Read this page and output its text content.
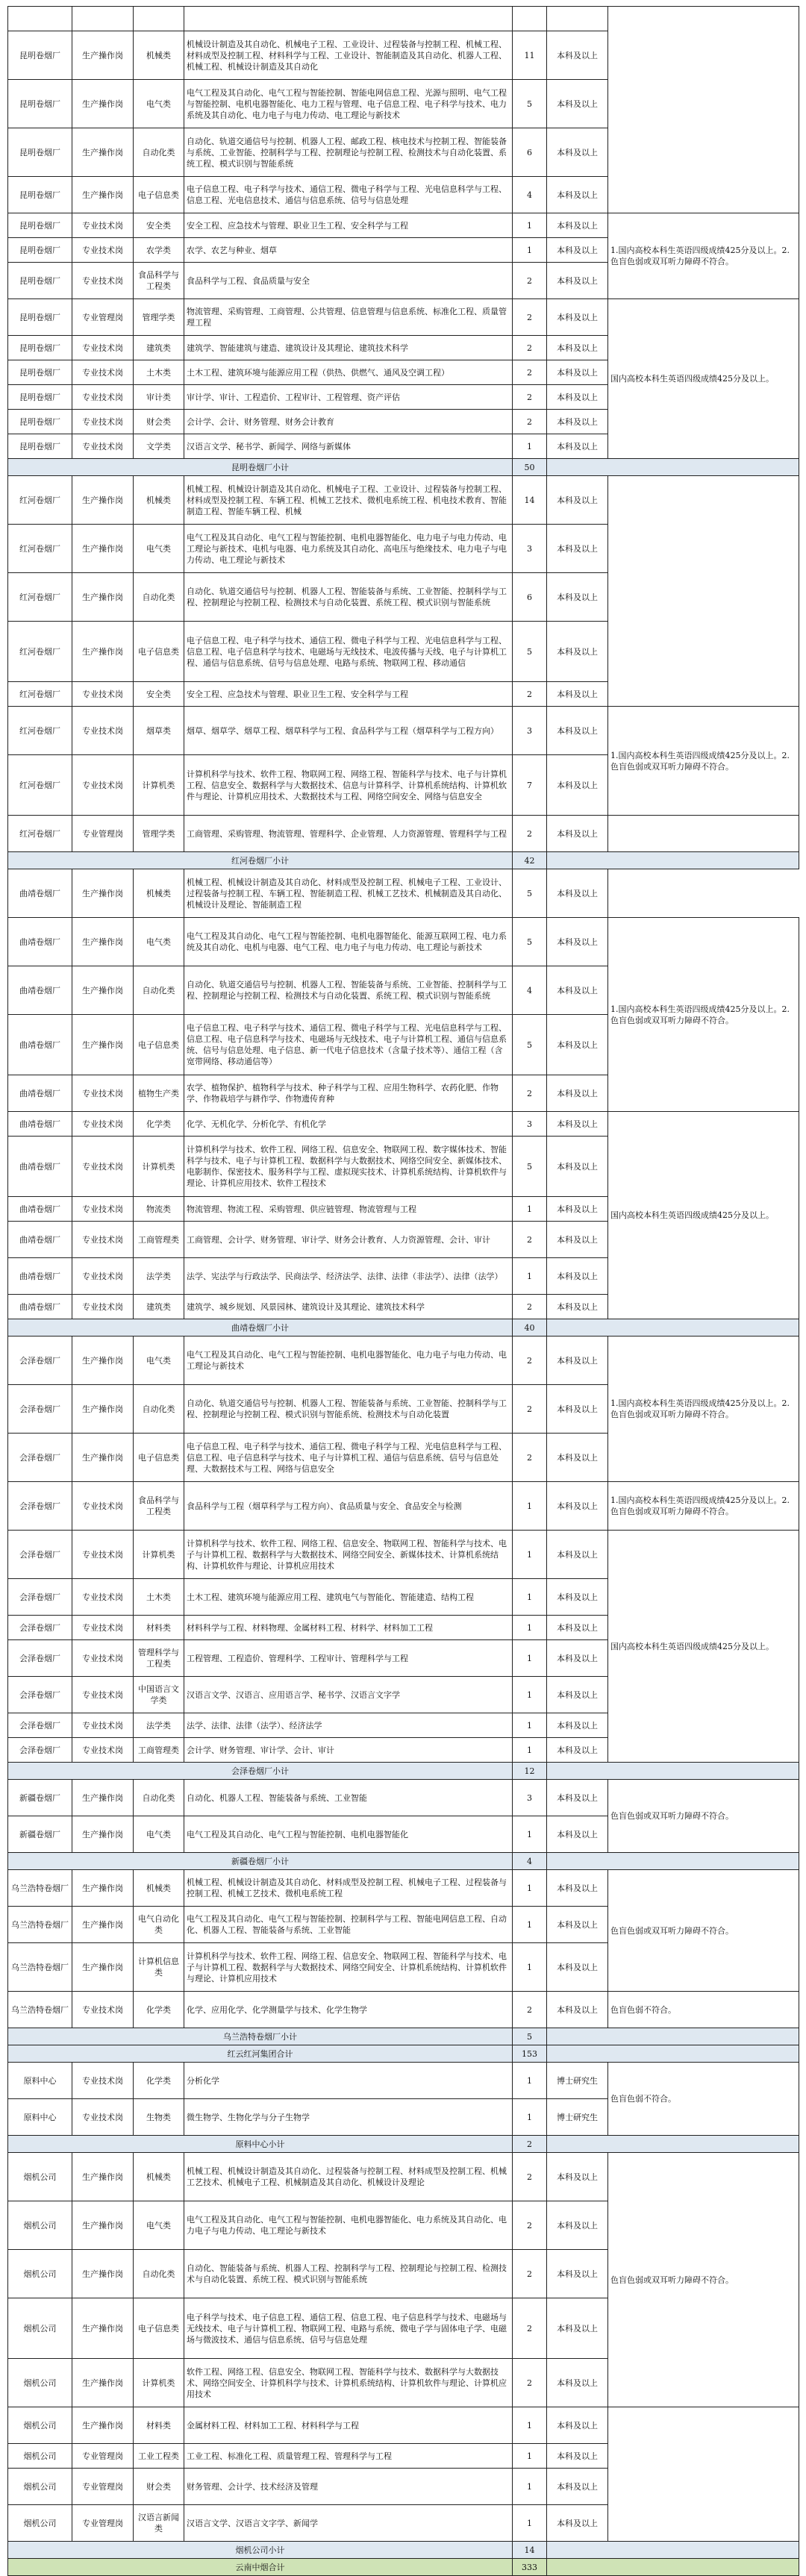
昆明卷烟厂	生产操作岗	机械类	机械设计制造及其自动化、机械电子工程、工业设计、过程装备与控制工程、机械工程、材料成型及控制工程、材料科学与工程、工业设计、智能制造及其自动化、机器人工程、机械工程、机械设计制造及其自动化	11	本科及以上	
昆明卷烟厂	生产操作岗	电气类	电气工程及其自动化、电气工程与智能控制、智能电网信息工程、光源与照明、电气工程与智能控制、电机电器智能化、电力工程与管理、电子信息工程、电子科学与技术、电力系统及其自动化、电力电子与电力传动、电工理论与新技术	5	本科及以上	
昆明卷烟厂	生产操作岗	自动化类	自动化、轨道交通信号与控制、机器人工程、邮政工程、核电技术与控制工程、智能装备与系统、工业智能、控制科学与工程、控制理论与控制工程、检测技术与自动化装置、系统工程、模式识别与智能系统	6	本科及以上	
昆明卷烟厂	生产操作岗	电子信息类	电子信息工程、电子科学与技术、通信工程、微电子科学与工程、光电信息科学与工程、信息工程、光电信息技术、通信与信息系统、信号与信息处理	4	本科及以上	
昆明卷烟厂	专业技术岗	安全类	安全工程、应急技术与管理、职业卫生工程、安全科学与工程	1	本科及以上	1.国内高校本科生英语四级成绩425分及以上。2.色盲色弱或双耳听力障碍不符合。
昆明卷烟厂	专业技术岗	农学类	农学、农艺与种业、烟草	1	本科及以上	
昆明卷烟厂	专业技术岗	食品科学与工程类	食品科学与工程、食品质量与安全	2	本科及以上	
昆明卷烟厂	专业管理岗	管理学类	物流管理、采购管理、工商管理、公共管理、信息管理与信息系统、标准化工程、质量管理工程	2	本科及以上	国内高校本科生英语四级成绩425分及以上。
昆明卷烟厂	专业技术岗	建筑类	建筑学、智能建筑与建造、建筑设计及其理论、建筑技术科学	2	本科及以上	
昆明卷烟厂	专业技术岗	土木类	土木工程、建筑环境与能源应用工程（供热、供燃气、通风及空调工程）	2	本科及以上	
昆明卷烟厂	专业技术岗	审计类	审计学、审计、工程造价、工程审计、工程管理、资产评估	2	本科及以上	
昆明卷烟厂	专业技术岗	财会类	会计学、会计、财务管理、财务会计教育	2	本科及以上	
昆明卷烟厂	专业技术岗	文学类	汉语言文学、秘书学、新闻学、网络与新媒体	1	本科及以上	
昆明卷烟厂小计				50		
红河卷烟厂	生产操作岗	机械类	机械工程、机械设计制造及其自动化、机械电子工程、工业设计、过程装备与控制工程、材料成型及控制工程、车辆工程、机械工艺技术、微机电系统工程、机电技术教育、智能制造工程、智能车辆工程、机械	14	本科及以上	
红河卷烟厂	生产操作岗	电气类	电气工程及其自动化、电气工程与智能控制、电机电器智能化、电力电子与电力传动、电工理论与新技术、电机与电器、电力系统及其自动化、高电压与绝缘技术、电力电子与电力传动、电工理论与新技术	3	本科及以上	
红河卷烟厂	生产操作岗	自动化类	自动化、轨道交通信号与控制、机器人工程、智能装备与系统、工业智能、控制科学与工程、控制理论与控制工程、检测技术与自动化装置、系统工程、模式识别与智能系统	6	本科及以上	
红河卷烟厂	生产操作岗	电子信息类	电子信息工程、电子科学与技术、通信工程、微电子科学与工程、光电信息科学与工程、信息工程、电子信息科学与技术、电磁场与无线技术、电波传播与天线、电子与计算机工程、通信与信息系统、信号与信息处理、电路与系统、物联网工程、移动通信	5	本科及以上	
红河卷烟厂	专业技术岗	安全类	安全工程、应急技术与管理、职业卫生工程、安全科学与工程	2	本科及以上	
红河卷烟厂	专业技术岗	烟草类	烟草、烟草学、烟草工程、烟草科学与工程、食品科学与工程（烟草科学与工程方向）	3	本科及以上	1.国内高校本科生英语四级成绩425分及以上。2.色盲色弱或双耳听力障碍不符合。
红河卷烟厂	专业技术岗	计算机类	计算机科学与技术、软件工程、物联网工程、网络工程、智能科学与技术、电子与计算机工程、信息安全、数据科学与大数据技术、信息与计算科学、计算机系统结构、计算机软件与理论、计算机应用技术、大数据技术与工程、网络空间安全、网络与信息安全	7	本科及以上	
红河卷烟厂	专业管理岗	管理学类	工商管理、采购管理、物流管理、管理科学、企业管理、人力资源管理、管理科学与工程	2	本科及以上	
红河卷烟厂小计				42		
曲靖卷烟厂	生产操作岗	机械类	机械工程、机械设计制造及其自动化、材料成型及控制工程、机械电子工程、工业设计、过程装备与控制工程、车辆工程、智能制造工程、机械工艺技术、机械制造及其自动化、机械设计及理论、智能制造工程	5	本科及以上	
曲靖卷烟厂	生产操作岗	电气类	电气工程及其自动化、电气工程与智能控制、电机电器智能化、能源互联网工程、电力系统及其自动化、电机与电器、电气工程、电力电子与电力传动、电工理论与新技术	5	本科及以上	1.国内高校本科生英语四级成绩425分及以上。2.色盲色弱或双耳听力障碍不符合。
曲靖卷烟厂	生产操作岗	自动化类	自动化、轨道交通信号与控制、机器人工程、智能装备与系统、工业智能、控制科学与工程、控制理论与控制工程、检测技术与自动化装置、系统工程、模式识别与智能系统	4	本科及以上	
曲靖卷烟厂	生产操作岗	电子信息类	电子信息工程、电子科学与技术、通信工程、微电子科学与工程、光电信息科学与工程、信息工程、电子信息科学与技术、电磁场与无线技术、电子与计算机工程、通信与信息系统、信号与信息处理、电子信息、新一代电子信息技术（含量子技术等）、通信工程（含宽带网络、移动通信等）	5	本科及以上	
曲靖卷烟厂	专业技术岗	植物生产类	农学、植物保护、植物科学与技术、种子科学与工程、应用生物科学、农药化肥、作物学、作物栽培学与耕作学、作物遗传育种	2	本科及以上	
曲靖卷烟厂	专业技术岗	化学类	化学、无机化学、分析化学、有机化学	3	本科及以上	国内高校本科生英语四级成绩425分及以上。
曲靖卷烟厂	专业技术岗	计算机类	计算机科学与技术、软件工程、网络工程、信息安全、物联网工程、数字媒体技术、智能科学与技术、电子与计算机工程、数据科学与大数据技术、网络空间安全、新媒体技术、电影制作、保密技术、服务科学与工程、虚拟现实技术、计算机系统结构、计算机软件与理论、计算机应用技术、软件工程技术	5	本科及以上	
曲靖卷烟厂	专业技术岗	物流类	物流管理、物流工程、采购管理、供应链管理、物流管理与工程	1	本科及以上	
曲靖卷烟厂	专业技术岗	工商管理类	工商管理、会计学、财务管理、审计学、财务会计教育、人力资源管理、会计、审计	2	本科及以上	
曲靖卷烟厂	专业技术岗	法学类	法学、宪法学与行政法学、民商法学、经济法学、法律、法律（非法学）、法律（法学）	1	本科及以上	
曲靖卷烟厂	专业技术岗	建筑类	建筑学、城乡规划、风景园林、建筑设计及其理论、建筑技术科学	2	本科及以上	
曲靖卷烟厂小计				40		
会泽卷烟厂	生产操作岗	电气类	电气工程及其自动化、电气工程与智能控制、电机电器智能化、电力电子与电力传动、电工理论与新技术	2	本科及以上	1.国内高校本科生英语四级成绩425分及以上。2.色盲色弱或双耳听力障碍不符合。
会泽卷烟厂	生产操作岗	自动化类	自动化、轨道交通信号与控制、机器人工程、智能装备与系统、工业智能、控制科学与工程、控制理论与控制工程、模式识别与智能系统、检测技术与自动化装置	2	本科及以上	
会泽卷烟厂	生产操作岗	电子信息类	电子信息工程、电子科学与技术、通信工程、微电子科学与工程、光电信息科学与工程、信息工程、电子信息科学与技术、电子与计算机工程、通信与信息系统、信号与信息处理、大数据技术与工程、网络与信息安全	2	本科及以上	
会泽卷烟厂	专业技术岗	食品科学与工程类	食品科学与工程（烟草科学与工程方向）、食品质量与安全、食品安全与检测	1	本科及以上	1.国内高校本科生英语四级成绩425分及以上。2.色盲色弱或双耳听力障碍不符合。
会泽卷烟厂	专业技术岗	计算机类	计算机科学与技术、软件工程、网络工程、信息安全、物联网工程、智能科学与技术、电子与计算机工程、数据科学与大数据技术、网络空间安全、新媒体技术、计算机系统结构、计算机软件与理论、计算机应用技术	1	本科及以上	国内高校本科生英语四级成绩425分及以上。
会泽卷烟厂	专业技术岗	土木类	土木工程、建筑环境与能源应用工程、建筑电气与智能化、智能建造、结构工程	1	本科及以上	
会泽卷烟厂	专业技术岗	材料类	材料科学与工程、材料物理、金属材料工程、材料学、材料加工工程	1	本科及以上	
会泽卷烟厂	专业技术岗	管理科学与工程类	工程管理、工程造价、管理科学、工程审计、管理科学与工程	1	本科及以上	
会泽卷烟厂	专业技术岗	中国语言文学类	汉语言文学、汉语言、应用语言学、秘书学、汉语言文字学	1	本科及以上	
会泽卷烟厂	专业技术岗	法学类	法学、法律、法律（法学）、经济法学	1	本科及以上	
会泽卷烟厂	专业技术岗	工商管理类	会计学、财务管理、审计学、会计、审计	1	本科及以上	
会泽卷烟厂小计				12		
新疆卷烟厂	生产操作岗	自动化类	自动化、机器人工程、智能装备与系统、工业智能	3	本科及以上	色盲色弱或双耳听力障碍不符合。
新疆卷烟厂	生产操作岗	电气类	电气工程及其自动化、电气工程与智能控制、电机电器智能化	1	本科及以上	
新疆卷烟厂小计				4		
乌兰浩特卷烟厂	生产操作岗	机械类	机械工程、机械设计制造及其自动化、材料成型及控制工程、机械电子工程、过程装备与控制工程、机械工艺技术、微机电系统工程	1	本科及以上	色盲色弱或双耳听力障碍不符合。
乌兰浩特卷烟厂	生产操作岗	电气自动化类	电气工程及其自动化、电气工程与智能控制、控制科学与工程、智能电网信息工程、自动化、机器人工程、智能装备与系统、工业智能	1	本科及以上	
乌兰浩特卷烟厂	生产操作岗	计算机信息类	计算机科学与技术、软件工程、网络工程、信息安全、物联网工程、智能科学与技术、电子与计算机工程、数据科学与大数据技术、网络空间安全、计算机系统结构、计算机软件与理论、计算机应用技术	1	本科及以上	
乌兰浩特卷烟厂	专业技术岗	化学类	化学、应用化学、化学测量学与技术、化学生物学	2	本科及以上	色盲色弱不符合。
乌兰浩特卷烟厂小计				5		
红云红河集团合计				153		
原料中心	专业技术岗	化学类	分析化学	1	博士研究生	色盲色弱不符合。
原料中心	专业技术岗	生物类	微生物学、生物化学与分子生物学	1	博士研究生	
原料中心小计				2		
烟机公司	生产操作岗	机械类	机械工程、机械设计制造及其自动化、过程装备与控制工程、材料成型及控制工程、机械工艺技术、机械电子工程、机械制造及其自动化、机械设计及理论	2	本科及以上	色盲色弱或双耳听力障碍不符合。
烟机公司	生产操作岗	电气类	电气工程及其自动化、电气工程与智能控制、电机电器智能化、电力系统及其自动化、电力电子与电力传动、电工理论与新技术	2	本科及以上	
烟机公司	生产操作岗	自动化类	自动化、智能装备与系统、机器人工程、控制科学与工程、控制理论与控制工程、检测技术与自动化装置、系统工程、模式识别与智能系统	2	本科及以上	
烟机公司	生产操作岗	电子信息类	电子科学与技术、电子信息工程、通信工程、信息工程、电子信息科学与技术、电磁场与无线技术、电子与计算机工程、物联网工程、电路与系统、微电子学与固体电子学、电磁场与微波技术、通信与信息系统、信号与信息处理	2	本科及以上	
烟机公司	生产操作岗	计算机类	软件工程、网络工程、信息安全、物联网工程、智能科学与技术、数据科学与大数据技术、网络空间安全、计算机科学与技术、计算机系统结构、计算机软件与理论、计算机应用技术	2	本科及以上	
烟机公司	生产操作岗	材料类	金属材料工程、材料加工工程、材料科学与工程	1	本科及以上	
烟机公司	专业管理岗	工业工程类	工业工程、标准化工程、质量管理工程、管理科学与工程	1	本科及以上	
烟机公司	专业管理岗	财会类	财务管理、会计学、技术经济及管理	1	本科及以上	
烟机公司	专业管理岗	汉语言新闻类	汉语言文学、汉语言文字学、新闻学	1	本科及以上	
烟机公司小计				14		
云南中烟合计				333		
